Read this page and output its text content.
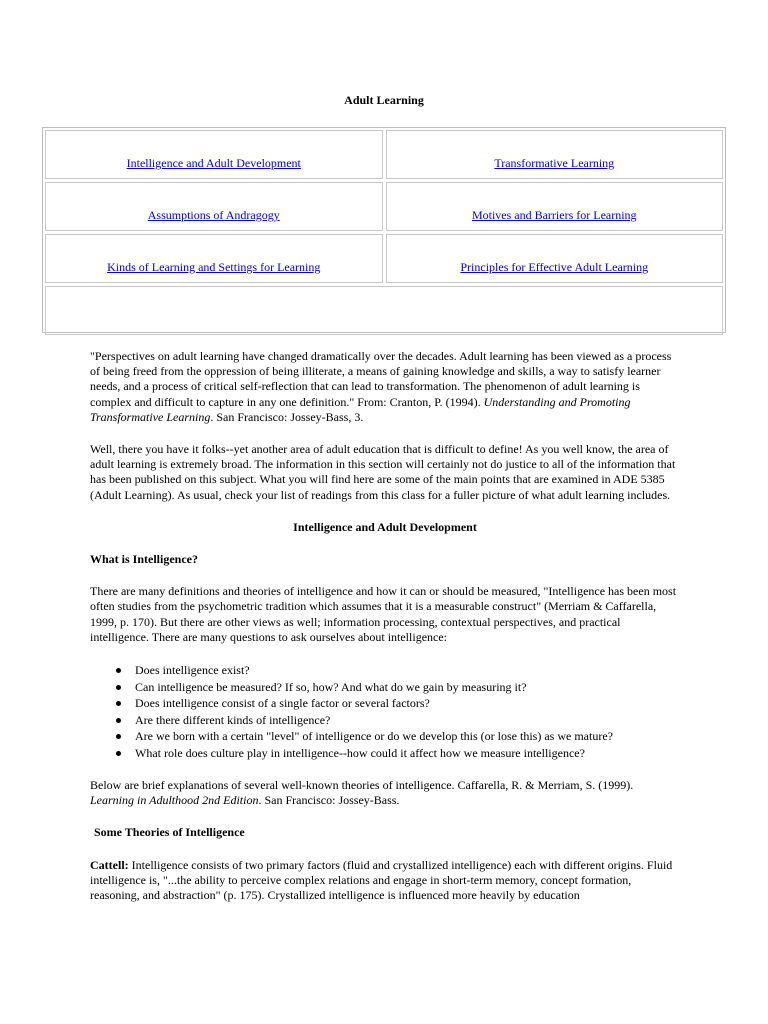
Adult Learning
Intelligence and Adult Development	Transformative Learning
Assumptions of Andragogy	Motives and Barriers for Learning
Kinds of Learning and Settings for Learning	Principles for Effective Adult Learning

"Perspectives on adult learning have changed dramatically over the decades. Adult learning has been viewed as a process of being freed from the oppression of being illiterate, a means of gaining knowledge and skills, a way to satisfy learner needs, and a process of critical self-reflection that can lead to transformation. The phenomenon of adult learning is complex and difficult to capture in any one definition." From: Cranton, P. (1994). Understanding and Promoting Transformative Learning. San Francisco: Jossey-Bass, 3.

Well, there you have it folks--yet another area of adult education that is difficult to define! As you well know, the area of adult learning is extremely broad. The information in this section will certainly not do justice to all of the information that has been published on this subject. What you will find here are some of the main points that are examined in ADE 5385 (Adult Learning). As usual, check your list of readings from this class for a fuller picture of what adult learning includes.

Intelligence and Adult Development
What is Intelligence?

There are many definitions and theories of intelligence and how it can or should be measured, "Intelligence has been most often studies from the psychometric tradition which assumes that it is a measurable construct" (Merriam & Caffarella, 1999, p. 170). But there are other views as well; information processing, contextual perspectives, and practical intelligence. There are many questions to ask ourselves about intelligence:

Does intelligence exist?
Can intelligence be measured? If so, how? And what do we gain by measuring it?
Does intelligence consist of a single factor or several factors?
Are there different kinds of intelligence?
Are we born with a certain "level" of intelligence or do we develop this (or lose this) as we mature?
What role does culture play in intelligence--how could it affect how we measure intelligence?

Below are brief explanations of several well-known theories of intelligence. Caffarella, R. & Merriam, S. (1999). Learning in Adulthood 2nd Edition. San Francisco: Jossey-Bass.

Some Theories of Intelligence

Cattell: Intelligence consists of two primary factors (fluid and crystallized intelligence) each with different origins. Fluid intelligence is, "...the ability to perceive complex relations and engage in short-term memory, concept formation, reasoning, and abstraction" (p. 175). Crystallized intelligence is influenced more heavily by education
